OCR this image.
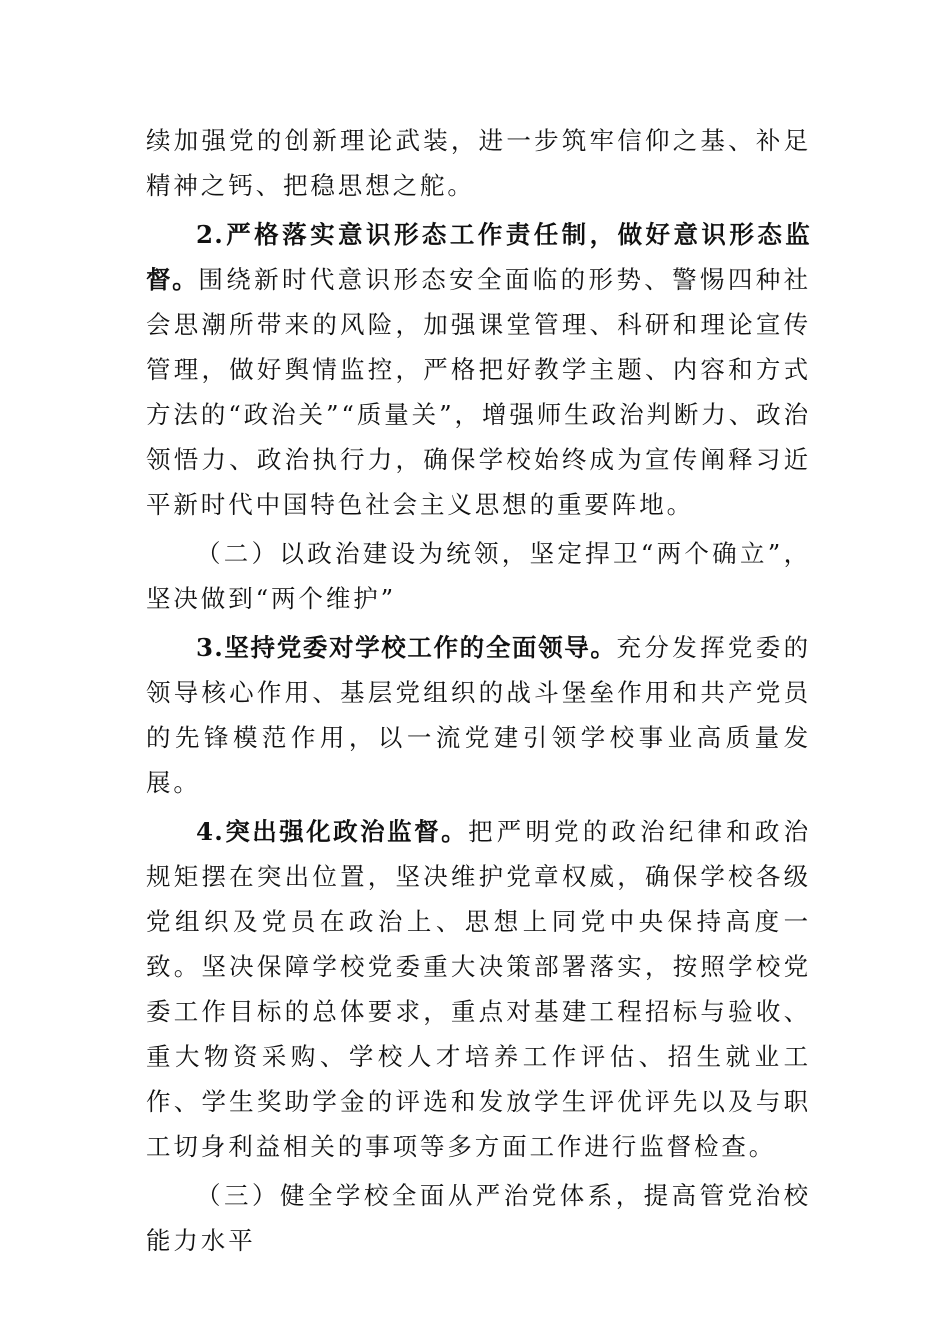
续加强党的创新理论武装，进一步筑牢信仰之基、补足精神之钙、把稳思想之舵。

2.严格落实意识形态工作责任制，做好意识形态监督。围绕新时代意识形态安全面临的形势、警惕四种社会思潮所带来的风险，加强课堂管理、科研和理论宣传管理，做好舆情监控，严格把好教学主题、内容和方式方法的“政治关”“质量关”，增强师生政治判断力、政治领悟力、政治执行力，确保学校始终成为宣传阐释习近平新时代中国特色社会主义思想的重要阵地。

（二）以政治建设为统领，坚定捍卫“两个确立”，坚决做到“两个维护”

3.坚持党委对学校工作的全面领导。充分发挥党委的领导核心作用、基层党组织的战斗堡垒作用和共产党员的先锋模范作用，以一流党建引领学校事业高质量发展。

4.突出强化政治监督。把严明党的政治纪律和政治规矩摆在突出位置，坚决维护党章权威，确保学校各级党组织及党员在政治上、思想上同党中央保持高度一致。坚决保障学校党委重大决策部署落实，按照学校党委工作目标的总体要求，重点对基建工程招标与验收、重大物资采购、学校人才培养工作评估、招生就业工作、学生奖助学金的评选和发放学生评优评先以及与职工切身利益相关的事项等多方面工作进行监督检查。

（三）健全学校全面从严治党体系，提高管党治校能力水平
